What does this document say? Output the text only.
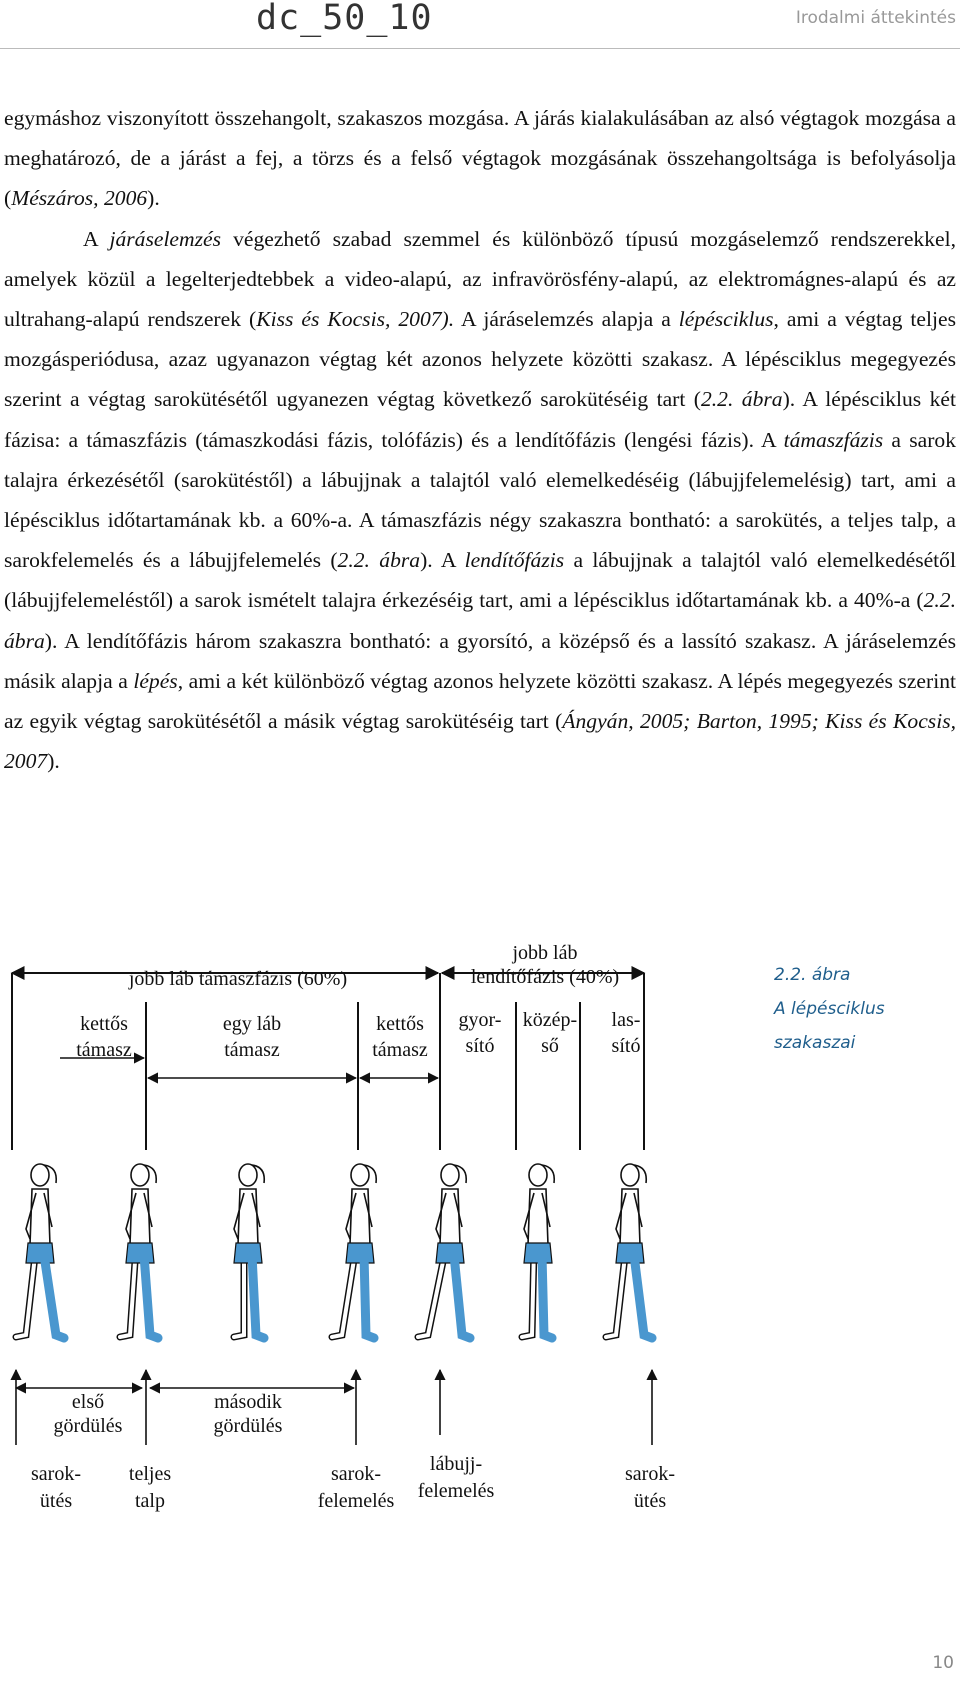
dc_50_10	Irodalmi áttekintés

egymáshoz viszonyított összehangolt, szakaszos mozgása. A járás kialakulásában az alsó végtagok mozgása a meghatározó, de a járást a fej, a törzs és a felső végtagok mozgásának összehangoltsága is befolyásolja (Mészáros, 2006).

A járáselemzés végezhető szabad szemmel és különböző típusú mozgáselemző rendszerekkel, amelyek közül a legelterjedtebbek a video-alapú, az infravörösfény-alapú, az elektromágnes-alapú és az ultrahang-alapú rendszerek (Kiss és Kocsis, 2007). A járáselemzés alapja a lépésciklus, ami a végtag teljes mozgásperiódusa, azaz ugyanazon végtag két azonos helyzete közötti szakasz. A lépésciklus megegyezés szerint a végtag sarokütésétől ugyanezen végtag következő sarokütéséig tart (2.2. ábra). A lépésciklus két fázisa: a támaszfázis (támaszkodási fázis, tolófázis) és a lendítőfázis (lengési fázis). A támaszfázis a sarok talajra érkezésétől (sarokütéstől) a lábujjnak a talajtól való elemelkedéséig (lábujjfelemelésig) tart, ami a lépésciklus időtartamának kb. a 60%-a. A támaszfázis négy szakaszra bontható: a sarokütés, a teljes talp, a sarokfelemelés és a lábujjfelemelés (2.2. ábra). A lendítőfázis a lábujjnak a talajtól való elemelkedésétől (lábujjfelemeléstől) a sarok ismételt talajra érkezéséig tart, ami a lépésciklus időtartamának kb. a 40%-a (2.2. ábra). A lendítőfázis három szakaszra bontható: a gyorsító, a középső és a lassító szakasz. A járáselemzés másik alapja a lépés, ami a két különböző végtag azonos helyzete közötti szakasz. A lépés megegyezés szerint az egyik végtag sarokütésétől a másik végtag sarokütéséig tart (Ángyán, 2005; Barton, 1995; Kiss és Kocsis, 2007).

jobb láb támaszfázis (60%)
jobb láb
lendítőfázis (40%)
kettős
támasz
egy láb
támasz
kettős
támasz
gyor-
sító
közép-
ső
las-
sító
első
gördülés
második
gördülés
sarok-
ütés
teljes
talp
sarok-
felemelés
lábujj-
felemelés
sarok-
ütés
2.2. ábra
A lépésciklus szakaszai
10
